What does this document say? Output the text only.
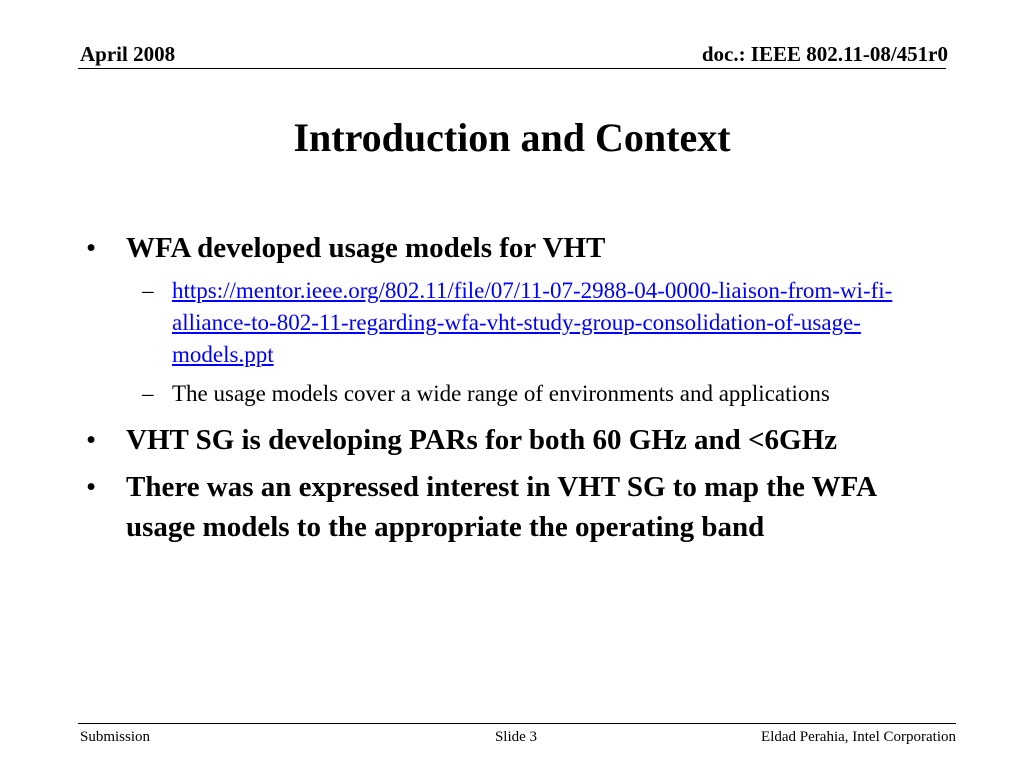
April 2008	doc.: IEEE 802.11-08/451r0
Introduction and Context
• WFA developed usage models for VHT
– https://mentor.ieee.org/802.11/file/07/11-07-2988-04-0000-liaison-from-wi-fi-alliance-to-802-11-regarding-wfa-vht-study-group-consolidation-of-usage-models.ppt
– The usage models cover a wide range of environments and applications
• VHT SG is developing PARs for both 60 GHz and <6GHz
• There was an expressed interest in VHT SG to map the WFA usage models to the appropriate the operating band
Submission	Slide 3	Eldad Perahia, Intel Corporation
